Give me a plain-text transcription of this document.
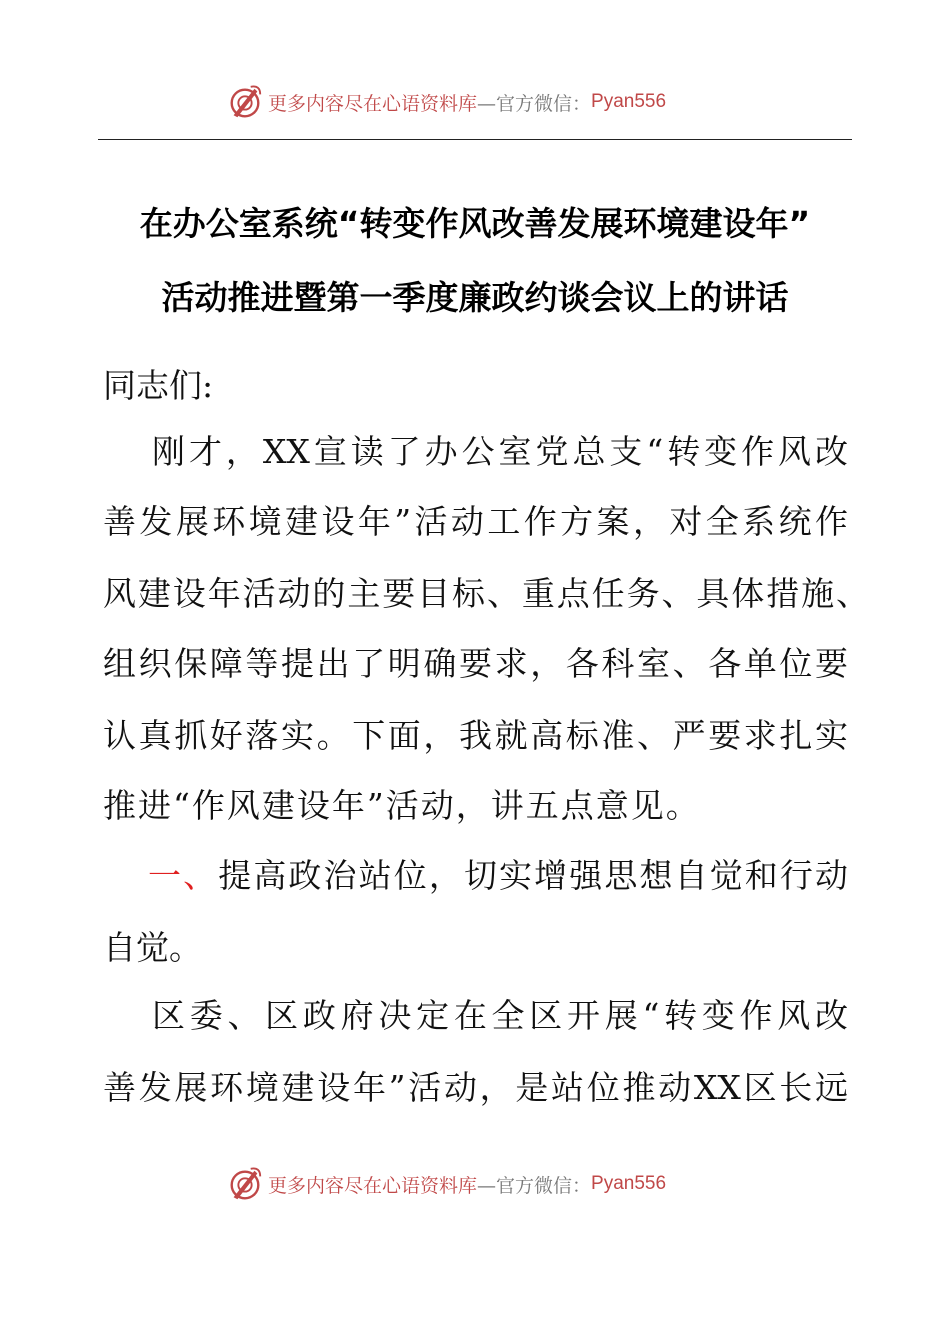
更多内容尽在心语资料库 —官方微信： Pyan556
在办公室系统“转变作风改善发展环境建设年”
活动推进暨第一季度廉政约谈会议上的讲话
同志们:
刚才，XX宣读了办公室党总支“转变作风改
善发展环境建设年”活动工作方案，对全系统作
风建设年活动的主要目标、重点任务、具体措施、
组织保障等提出了明确要求，各科室、各单位要
认真抓好落实。下面，我就高标准、严要求扎实
推进“作风建设年”活动，讲五点意见。
一、提高政治站位，切实增强思想自觉和行动
自觉。
区委、区政府决定在全区开展“转变作风改
善发展环境建设年”活动，是站位推动XX区长远
更多内容尽在心语资料库 —官方微信： Pyan556
